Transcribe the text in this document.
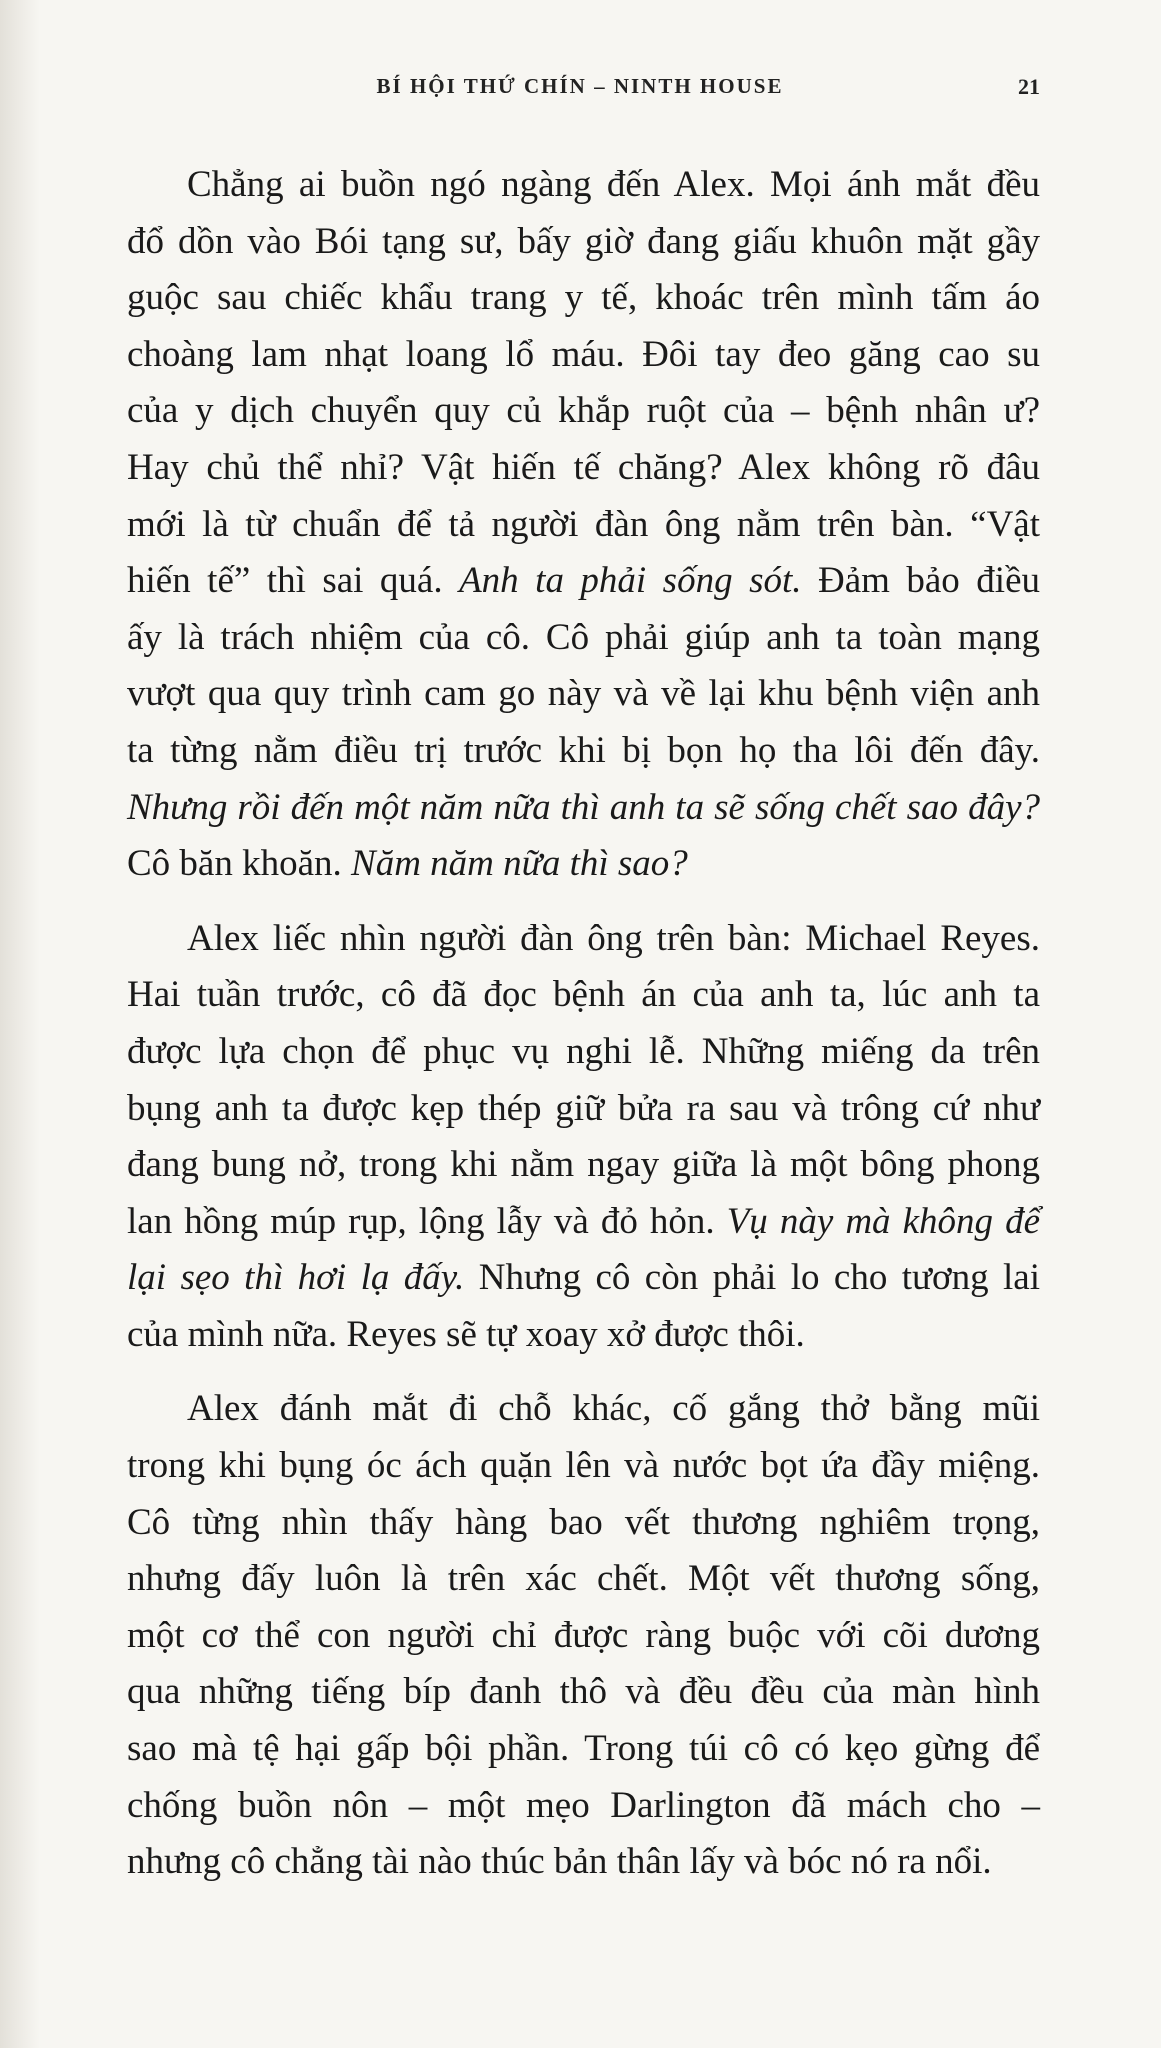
BÍ HỘI THỨ CHÍN – NINTH HOUSE	21
Chẳng ai buồn ngó ngàng đến Alex. Mọi ánh mắt đều
đổ dồn vào Bói tạng sư, bấy giờ đang giấu khuôn mặt gầy
guộc sau chiếc khẩu trang y tế, khoác trên mình tấm áo
choàng lam nhạt loang lổ máu. Đôi tay đeo găng cao su
của y dịch chuyển quy củ khắp ruột của – bệnh nhân ư?
Hay chủ thể nhỉ? Vật hiến tế chăng? Alex không rõ đâu
mới là từ chuẩn để tả người đàn ông nằm trên bàn. “Vật
hiến tế” thì sai quá. Anh ta phải sống sót. Đảm bảo điều
ấy là trách nhiệm của cô. Cô phải giúp anh ta toàn mạng
vượt qua quy trình cam go này và về lại khu bệnh viện anh
ta từng nằm điều trị trước khi bị bọn họ tha lôi đến đây.
Nhưng rồi đến một năm nữa thì anh ta sẽ sống chết sao đây?
Cô băn khoăn. Năm năm nữa thì sao?
Alex liếc nhìn người đàn ông trên bàn: Michael Reyes.
Hai tuần trước, cô đã đọc bệnh án của anh ta, lúc anh ta
được lựa chọn để phục vụ nghi lễ. Những miếng da trên
bụng anh ta được kẹp thép giữ bửa ra sau và trông cứ như
đang bung nở, trong khi nằm ngay giữa là một bông phong
lan hồng múp rụp, lộng lẫy và đỏ hỏn. Vụ này mà không để
lại sẹo thì hơi lạ đấy. Nhưng cô còn phải lo cho tương lai
của mình nữa. Reyes sẽ tự xoay xở được thôi.
Alex đánh mắt đi chỗ khác, cố gắng thở bằng mũi
trong khi bụng óc ách quặn lên và nước bọt ứa đầy miệng.
Cô từng nhìn thấy hàng bao vết thương nghiêm trọng,
nhưng đấy luôn là trên xác chết. Một vết thương sống,
một cơ thể con người chỉ được ràng buộc với cõi dương
qua những tiếng bíp đanh thô và đều đều của màn hình
sao mà tệ hại gấp bội phần. Trong túi cô có kẹo gừng để
chống buồn nôn – một mẹo Darlington đã mách cho –
nhưng cô chẳng tài nào thúc bản thân lấy và bóc nó ra nổi.
